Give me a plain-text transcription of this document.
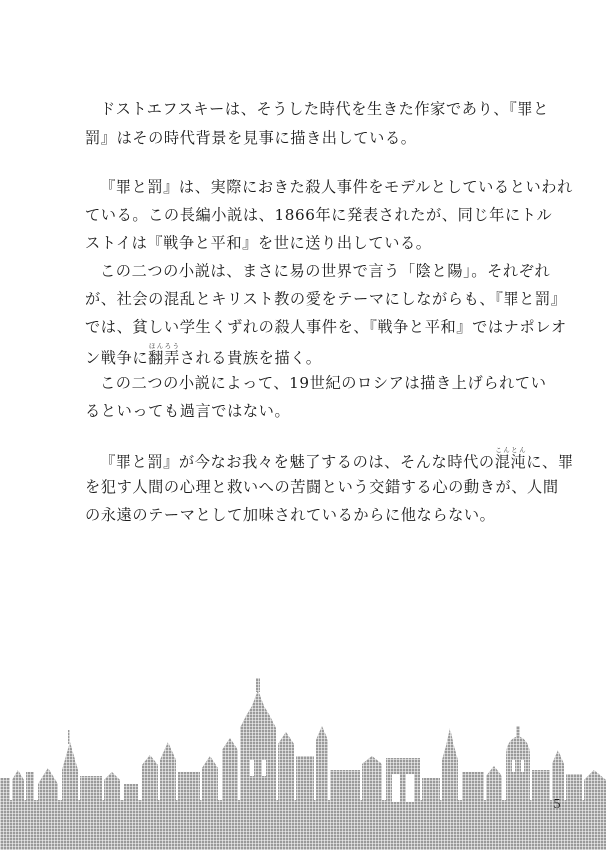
ドストエフスキーは、そうした時代を生きた作家であり、『罪と
罰』はその時代背景を見事に描き出している。
『罪と罰』は、実際におきた殺人事件をモデルとしているといわれ
ている。この長編小説は、1866年に発表されたが、同じ年にトル
ストイは『戦争と平和』を世に送り出している。
この二つの小説は、まさに易の世界で言う「陰と陽」。それぞれ
が、社会の混乱とキリスト教の愛をテーマにしながらも、『罪と罰』
では、貧しい学生くずれの殺人事件を、『戦争と平和』ではナポレオ
ン戦争に翻弄ほんろうされる貴族を描く。
この二つの小説によって、19世紀のロシアは描き上げられてい
るといっても過言ではない。
『罪と罰』が今なお我々を魅了するのは、そんな時代の混沌こんとんに、罪
を犯す人間の心理と救いへの苦闘という交錯する心の動きが、人間
の永遠のテーマとして加味されているからに他ならない。
5
